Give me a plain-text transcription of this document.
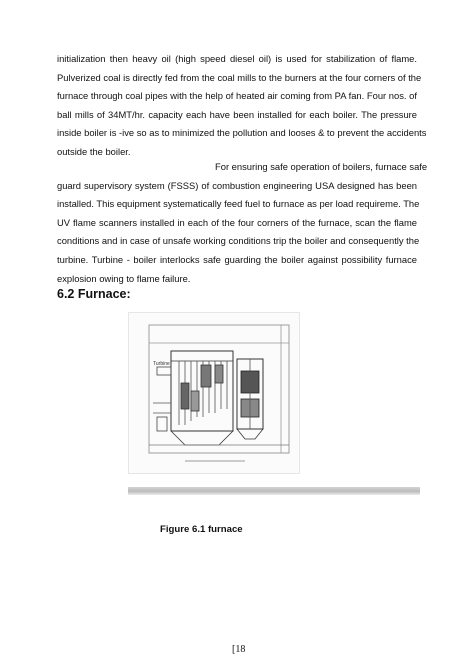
initialization then heavy oil (high speed diesel oil) is used for stabilization of flame.
Pulverized coal is directly fed from the coal mills to the burners at the four corners of the
furnace through coal pipes with the help of heated air coming from PA fan. Four nos. of
ball mills of 34MT/hr. capacity each have been installed for each boiler. The pressure
inside boiler is -ive so as to minimized the pollution and looses & to prevent the accidents
outside the boiler.
For ensuring safe operation of boilers, furnace safe
guard supervisory system (FSSS) of combustion engineering USA designed has been
installed. This equipment systematically feed fuel to furnace as per load requireme. The
UV flame scanners installed in each of the four corners of the furnace, scan the flame
conditions and in case of unsafe working conditions trip the boiler and consequently the
turbine. Turbine - boiler interlocks safe guarding the boiler against possibility furnace
explosion owing to flame failure.
6.2 Furnace:
Turbine

Figure 6.1 furnace

[18
